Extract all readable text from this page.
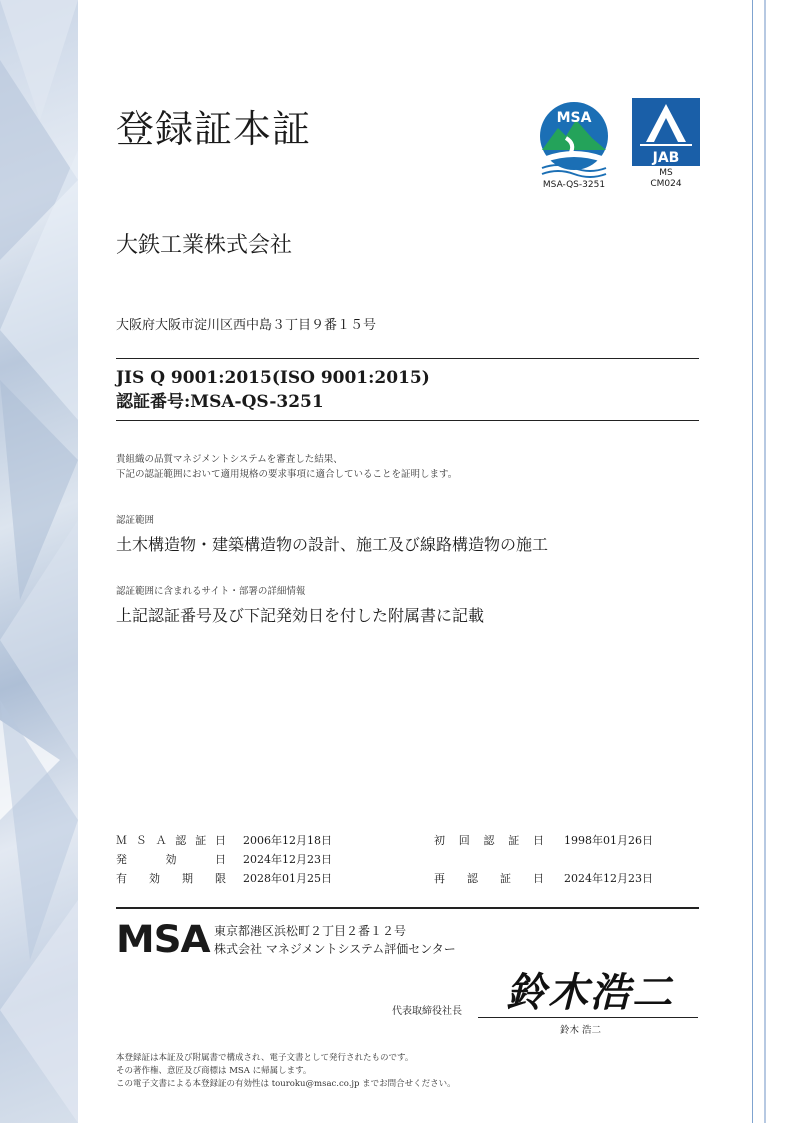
登録証本証	MSA
MSA-QS-3251
JAB
MS
CM024
大鉄工業株式会社
大阪府大阪市淀川区西中島３丁目９番１５号
JIS Q 9001:2015(ISO 9001:2015)
認証番号:MSA-QS-3251
貴組織の品質マネジメントシステムを審査した結果、
下記の認証範囲において適用規格の要求事項に適合していることを証明します。
認証範囲
土木構造物・建築構造物の設計、施工及び線路構造物の施工
認証範囲に含まれるサイト・部署の詳細情報
上記認証番号及び下記発効日を付した附属書に記載
ＭＳＡ認証日 2006年12月18日	初回認証日 1998年01月26日
発効日 2024年12月23日
有効期限 2028年01月25日	再認証日 2024年12月23日
MSA 東京都港区浜松町２丁目２番１２号
株式会社 マネジメントシステム評価センター
代表取締役社長 鈴木浩二
鈴木 浩二
本登録証は本証及び附属書で構成され、電子文書として発行されたものです。
その著作権、意匠及び商標は MSA に帰属します。
この電子文書による本登録証の有効性は touroku@msac.co.jp までお問合せください。
